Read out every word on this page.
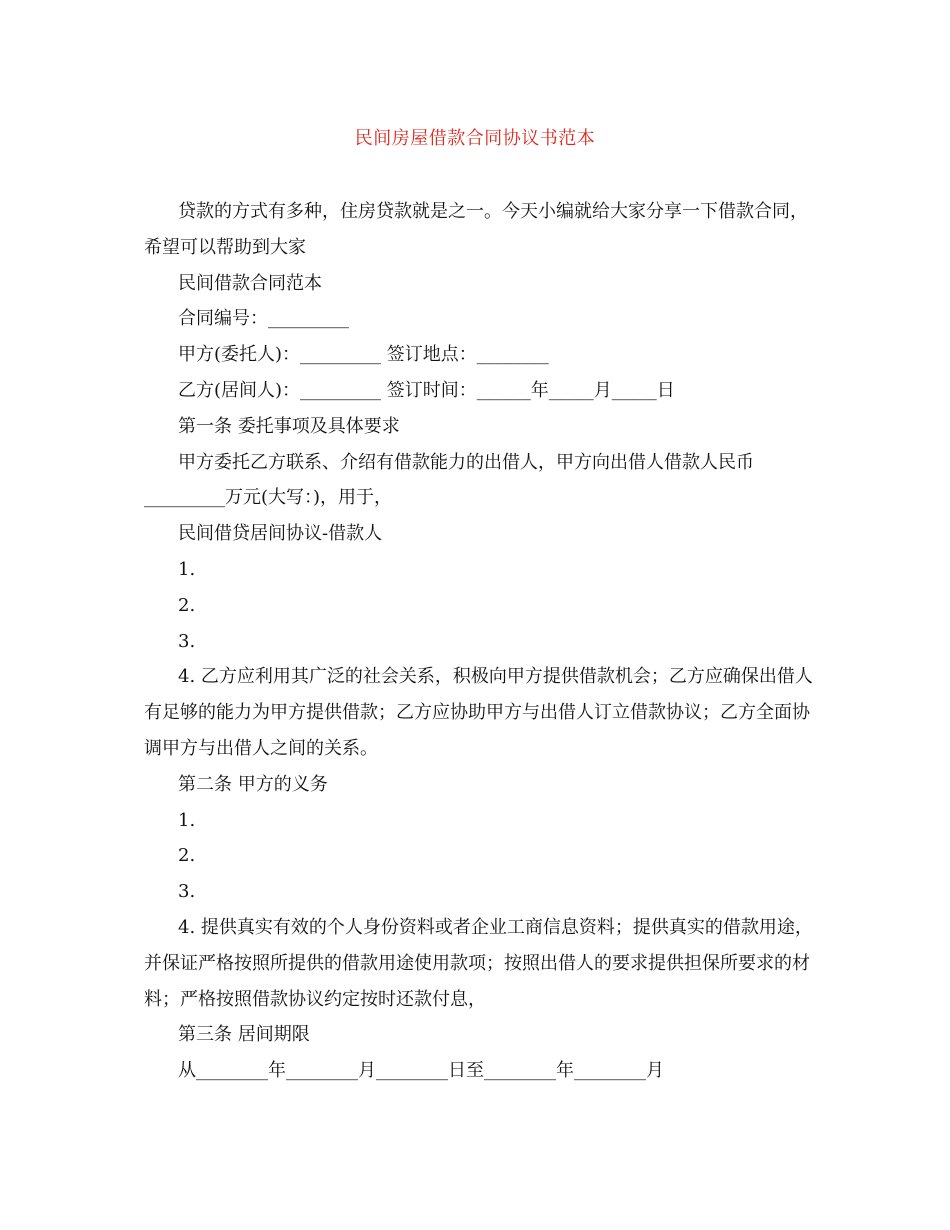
民间房屋借款合同协议书范本

贷款的方式有多种，住房贷款就是之一。今天小编就给大家分享一下借款合同，希望可以帮助到大家

民间借款合同范本

合同编号：_________

甲方(委托人)：_________ 签订地点：________

乙方(居间人)：_________ 签订时间：______年_____月_____日

第一条 委托事项及具体要求

甲方委托乙方联系、介绍有借款能力的出借人，甲方向出借人借款人民币_________万元(大写：)，用于，

民间借贷居间协议-借款人

1.

2.

3.

4. 乙方应利用其广泛的社会关系，积极向甲方提供借款机会；乙方应确保出借人有足够的能力为甲方提供借款；乙方应协助甲方与出借人订立借款协议；乙方全面协调甲方与出借人之间的关系。

第二条 甲方的义务

1.

2.

3.

4. 提供真实有效的个人身份资料或者企业工商信息资料；提供真实的借款用途，并保证严格按照所提供的借款用途使用款项；按照出借人的要求提供担保所要求的材料；严格按照借款协议约定按时还款付息，

第三条 居间期限

从________年________月________日至________年________月
